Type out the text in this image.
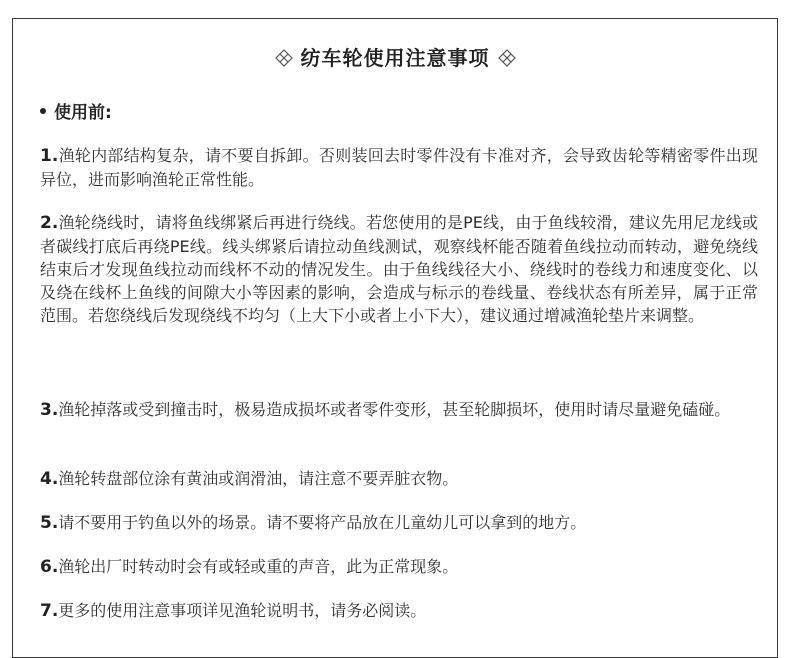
纺车轮使用注意事项
使用前:
1.渔轮内部结构复杂，请不要自拆卸。否则装回去时零件没有卡准对齐，会导致齿轮等精密零件出现异位，进而影响渔轮正常性能。
2.渔轮绕线时，请将鱼线绑紧后再进行绕线。若您使用的是PE线，由于鱼线较滑，建议先用尼龙线或者碳线打底后再绕PE线。线头绑紧后请拉动鱼线测试，观察线杯能否随着鱼线拉动而转动，避免绕线结束后才发现鱼线拉动而线杯不动的情况发生。由于鱼线线径大小、绕线时的卷线力和速度变化、以及绕在线杯上鱼线的间隙大小等因素的影响，会造成与标示的卷线量、卷线状态有所差异，属于正常范围。若您绕线后发现绕线不均匀（上大下小或者上小下大），建议通过增减渔轮垫片来调整。
3.渔轮掉落或受到撞击时，极易造成损坏或者零件变形，甚至轮脚损坏，使用时请尽量避免磕碰。
4.渔轮转盘部位涂有黄油或润滑油，请注意不要弄脏衣物。
5.请不要用于钓鱼以外的场景。请不要将产品放在儿童幼儿可以拿到的地方。
6.渔轮出厂时转动时会有或轻或重的声音，此为正常现象。
7.更多的使用注意事项详见渔轮说明书，请务必阅读。
